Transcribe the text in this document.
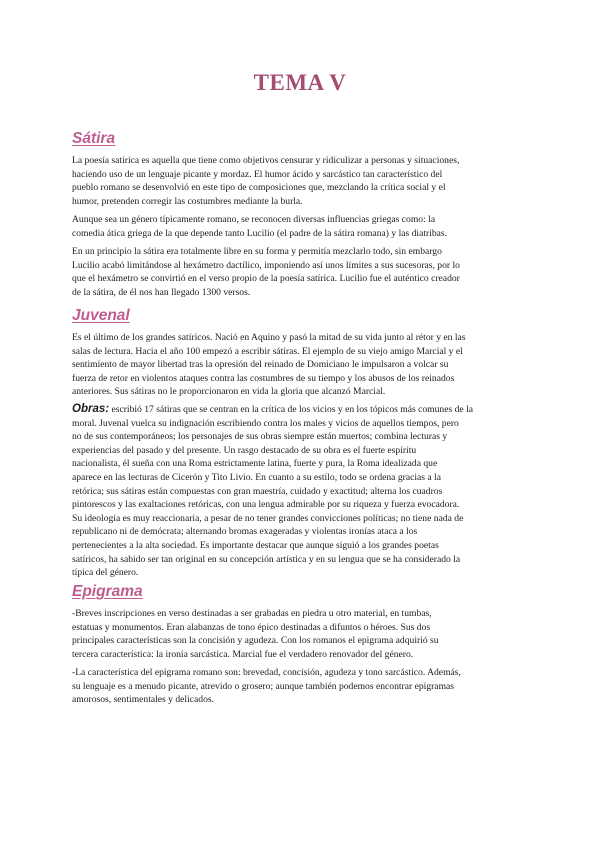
TEMA V
Sátira

La poesía satírica es aquella que tiene como objetivos censurar y ridiculizar a personas y situaciones,
haciendo uso de un lenguaje picante y mordaz. El humor ácido y sarcástico tan característico del
pueblo romano se desenvolvió en este tipo de composiciones que, mezclando la crítica social y el
humor, pretenden corregir las costumbres mediante la burla.

Aunque sea un género típicamente romano, se reconocen diversas influencias griegas como: la
comedia ática griega de la que depende tanto Lucilio (el padre de la sátira romana) y las diatribas.

En un principio la sátira era totalmente libre en su forma y permitía mezclarlo todo, sin embargo
Lucilio acabó limitándose al hexámetro dactílico, imponiendo así unos límites a sus sucesoras, por lo
que el hexámetro se convirtió en el verso propio de la poesía satírica. Lucilio fue el auténtico creador
de la sátira, de él nos han llegado 1300 versos.

Juvenal

Es el último de los grandes satíricos. Nació en Aquino y pasó la mitad de su vida junto al rétor y en las
salas de lectura. Hacia el año 100 empezó a escribir sátiras. El ejemplo de su viejo amigo Marcial y el
sentimiento de mayor libertad tras la opresión del reinado de Domiciano le impulsaron a volcar su
fuerza de retor en violentos ataques contra las costumbres de su tiempo y los abusos de los reinados
anteriores. Sus sátiras no le proporcionaron en vida la gloria que alcanzó Marcial.

Obras: escribió 17 sátiras que se centran en la crítica de los vicios y en los tópicos más comunes de la
moral. Juvenal vuelca su indignación escribiendo contra los males y vicios de aquellos tiempos, pero
no de sus contemporáneos; los personajes de sus obras siempre están muertos; combina lecturas y
experiencias del pasado y del presente. Un rasgo destacado de su obra es el fuerte espíritu
nacionalista, él sueña con una Roma estrictamente latina, fuerte y pura, la Roma idealizada que
aparece en las lecturas de Cicerón y Tito Livio. En cuanto a su estilo, todo se ordena gracias a la
retórica; sus sátiras están compuestas con gran maestría, cuidado y exactitud; alterna los cuadros
pintorescos y las exaltaciones retóricas, con una lengua admirable por su riqueza y fuerza evocadora.
Su ideología es muy reaccionaria, a pesar de no tener grandes convicciones políticas; no tiene nada de
republicano ni de demócrata; alternando bromas exageradas y violentas ironías ataca a los
pertenecientes a la alta sociedad. Es importante destacar que aunque siguió a los grandes poetas
satíricos, ha sabido ser tan original en su concepción artística y en su lengua que se ha considerado la
típica del género.

Epigrama

-Breves inscripciones en verso destinadas a ser grabadas en piedra u otro material, en tumbas,
estatuas y monumentos. Eran alabanzas de tono épico destinadas a difuntos o héroes. Sus dos
principales características son la concisión y agudeza. Con los romanos el epigrama adquirió su
tercera característica: la ironía sarcástica. Marcial fue el verdadero renovador del género.

-La característica del epigrama romano son: brevedad, concisión, agudeza y tono sarcástico. Además,
su lenguaje es a menudo picante, atrevido o grosero; aunque también podemos encontrar epigramas
amorosos, sentimentales y delicados.
